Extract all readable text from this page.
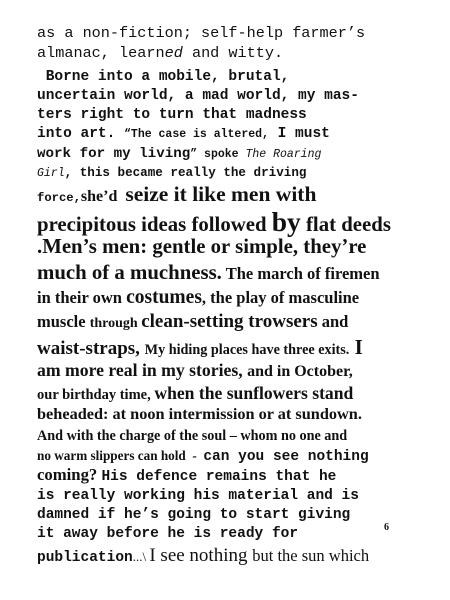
as a non-fiction; self-help farmer’s
almanac, learned and witty.
Borne into a mobile, brutal,
uncertain world, a mad world, my mas-
ters right to turn that madness
into art. “The case is altered, I must
work for my living” spoke The Roaring
Girl, this became really the driving
force,she’d  seize it like men with
precipitous ideas followed by flat deeds
.Men’s men: gentle or simple, they’re
much of a muchness. The march of firemen
in their own costumes, the play of masculine
muscle through clean-setting trowsers and
waist-straps, My hiding places have three exits. I
am more real in my stories, and in October,
our birthday time, when the sunflowers stand
beheaded: at noon intermission or at sundown.
And with the charge of the soul – whom no one and
no warm slippers can hold  -  can you see nothing
coming? His defence remains that he
is really working his material and is
damned if he’s going to start giving
it away before he is ready for
publication...\ I see nothing but the sun which
6
